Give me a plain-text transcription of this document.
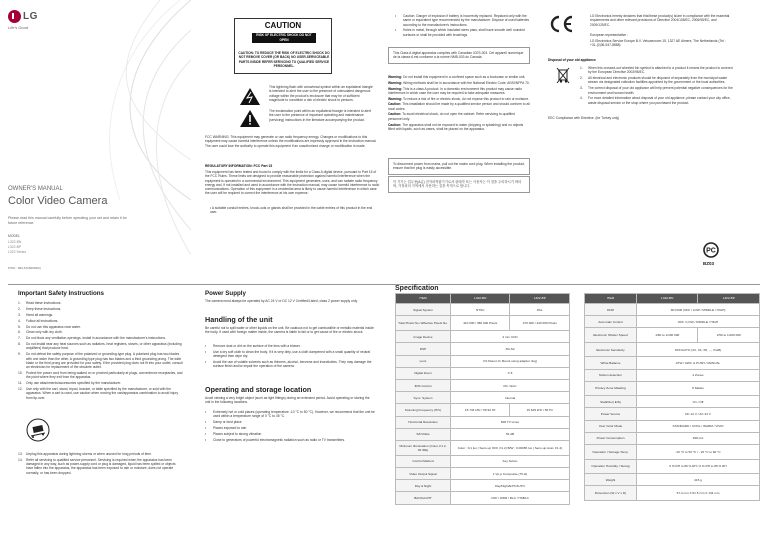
LG
Life's Good
OWNER'S MANUAL
Color Video Camera
Please read this manual carefully before operating your set and retain it for future reference.
MODEL
L322-BN
L322-BP
L322 Series
P/NO : MFL67260903(0)
CAUTION
RISK OF ELECTRIC SHOCK DO NOT OPEN
CAUTION: TO REDUCE THE RISK OF ELECTRIC SHOCK DO NOT REMOVE COVER (OR BACK) NO USER-SERVICEABLE PARTS INSIDE REFER SERVICING TO QUALIFIED SERVICE PERSONNEL.
This lightning flash with arrowhead symbol within an equilateral triangle is intended to alert the user to the presence of uninsulated dangerous voltage within the product's enclosure that may be of sufficient magnitude to constitute a risk of electric shock to persons.
The exclamation point within an equilateral triangle is intended to alert the user to the presence of important operating and maintenance (servicing) instructions in the literature accompanying the product.
FCC WARNING: This equipment may generate or use radio frequency energy. Changes or modifications to this equipment may cause harmful interference unless the modifications are expressly approved in the instruction manual. The user could lose the authority to operate this equipment if an unauthorized change or modification is made.
REGULATORY INFORMATION: FCC Part 15
This equipment has been tested and found to comply with the limits for a Class A digital device, pursuant to Part 15 of the FCC Rules. These limits are designed to provide reasonable protection against harmful interference when the equipment is operated in a commercial environment. This equipment generates, uses, and can radiate radio frequency energy and, if not installed and used in accordance with the instruction manual, may cause harmful interference to radio communications. Operation of this equipment in a residential area is likely to cause harmful interference in which case the user will be required to correct the interference at his own expense.
• A suitable conduit entries, knock-outs or glands shall be provided in the cable entries of this product in the end user.
•	Caution: Danger of explosion if battery is incorrectly replaced. Replaced only with the same or equivalent type recommended by the manufacturer. Dispose of used batteries according to the manufacturer's instructions.
•	Holes in metal, through which insulated wires pass, shall have smooth well rounded surfaces or shall be provided with brushings.
This Class A digital apparatus complies with Canadian ICES-003. Cet appareil numerique de la classe A est conforme a la norme NMB-003 du Canada.
Warning: Do not install this equipment in a confined space such as a bookcase or similar unit.
Warning: Wiring methods shall be in accordance with the National Electric Code, ANSI/NFPA 70.
Warning: This is a class A product. In a domestic environment this product may cause radio interference in which case the user may be required to take adequate measures.
Warning: To reduce a risk of fire or electric shock, do not expose this product to rain or moisture.
Caution: This installation should be made by a qualified service person and should conform to all local codes.
Caution: To avoid electrical shock, do not open the cabinet. Refer servicing to qualified personnel only.
Caution: The apparatus shall not be exposed to water (dripping or splashing) and no objects filled with liquids, such as vases, shall be placed on the apparatus.
To disconnect power from mains, pull out the mains cord plug. When installing the product, ensure that the plug is easily accessible.
이 기기는 업무용(A급) 전자파적합기기로서 판매자 또는 사용자는 이 점을 주의하시기 바라며, 가정외의 지역에서 사용하는 것을 목적으로 합니다.
LG Electronics hereby declares that this/these product(s) is/are in compliance with the essential requirements and other relevant provisions of Directive 2004/108/EC, 2006/95/EC, and 2009/125/EC.
European representative :
LG Electronics Service Europe B.V. Veluwezoom 15, 1327 AE Almere, The Netherlands (Tel : +31-(0)36-547-8888)
Disposal of your old appliance
1.	When this crossed-out wheeled bin symbol is attached to a product it means the product is covered by the European Directive 2002/96/EC.
2.	All electrical and electronic products should be disposed of separately from the municipal waste stream via designated collection facilities appointed by the government or the local authorities.
3.	The correct disposal of your old appliance will help prevent potential negative consequences for the environment and human health.
4.	For more detailed information about disposal of your old appliance, please contact your city office, waste disposal service or the shop where you purchased the product.
EEC Compliance with Directive. (for Turkey only)
PC
BZ03
Important Safety Instructions
1.	Read these instructions.
2.	Keep these instructions.
3.	Heed all warnings.
4.	Follow all instructions.
5.	Do not use this apparatus near water.
6.	Clean only with dry cloth.
7.	Do not block any ventilation openings. Install in accordance with the manufacturer's instructions.
8.	Do not install near any heat sources such as radiators, heat registers, stoves, or other apparatus (including amplifiers) that produce heat.
9.	Do not defeat the safety purpose of the polarized or grounding-type plug. A polarized plug has two blades with one wider than the other. A grounding type plug has two blades and a third grounding prong. The wide blade or the third prong are provided for your safety. If the provided plug does not fit into your outlet, consult an electrician for replacement of the obsolete outlet.
10. Protect the power cord from being walked on or pinched particularly at plugs, convenience receptacles, and the point where they exit from the apparatus.
11. Only use attachments/accessories specified by the manufacturer.
12. Use only with the cart, stand, tripod, bracket, or table specified by the manufacturer, or sold with the apparatus. When a cart is used, use caution when moving the cart/apparatus combination to avoid injury from tip-over.
13. Unplug this apparatus during lightning storms or when unused for long periods of time.
14. Refer all servicing to qualified service personnel. Servicing is required when the apparatus has been damaged in any way, such as power-supply cord or plug is damaged, liquid has been spilled or objects have fallen into the apparatus, the apparatus has been exposed to rain or moisture, does not operate normally, or has been dropped.
Power Supply
The camera must always be operated by AC 24 V or DC 12 V Certified/Listed, class 2 power supply only.
Handling of the unit
Be careful not to spill water or other liquids on the unit. Be cautious not to get combustible or metallic material inside the body. If used with foreign matter inside, the camera is liable to fail or to get cause of fire or electric shock.
•	Remove dust or dirt on the surface of the lens with a blower.
•	Use a dry soft cloth to clean the body. If it is very dirty, use a cloth dampened with a small quantity of neutral detergent then wipe dry.
•	Avoid the use of volatile solvents such as thinners, alcohol, benzene and insecticides. They may damage the surface finish and/or impair the operation of the camera.
Operating and storage location
Avoid viewing a very bright object (such as light fittings) during an extended period. Avoid operating or storing the unit in the following locations.
•	Extremely hot or cold places (operating temperature -10 °C to 50 °C). However, we recommend that the unit be used within a temperature range of 0 °C to 45 °C.
•	Damp or dust place
•	Places exposed to rain
•	Places subject to strong vibration
•	Close to generators of powerful electromagnetic radiation such as radio or TV transmitters.
Specification
ITEM	L322-BN	L322-BP
Signal System	NTSC	PAL
Total Pixels No./ Effective Pixels No.	410 000 / 380 000 Pixels	470 000 / 440 000 Pixels
Image Device	4 mm CCD	
DSP	XD-S2	
Lens	CS Mount (C Mount using adaptor ring)	
Digital Zoom	X 8	
IRIS Control	DC / ELC	
Sync. System	Internal	
Scanning Frequency (H/V)	15.734 kHz / 59.94 Hz	15.625 kHz / 50 Hz
Horizontal Resolution	600 TV Lines	
S/N Ratio	52 dB	
Minimum Illumination (Color, F1.2, 30 IRE)	Color : 0.1 lux ( Sens-up OFF, F1.2) B/W : 0.00065 lux ( Sens-up Auto, F1.2)	
Control Method	Key button	
Video Output Signal	1 Vp-p Composite (75 Ω)	
Day & Night	Day/Night/EXT/AUTO	
BACKLIGHT	OFF / WDR / BLC / HSBLC	
ITEM	L322-BN	L322-BP
DNR	3D DNR (OFF / LOW / MIDDLE / HIGH)	
Auto Gain Control	OFF / LOW / MIDDLE / HIGH	
Electronic Shutter Speed	1/60 to 1/100 000	1/50 to 1/100 000
Electronic Sensitivity	OFF/AUTO (X2, X4, X8, ..., X128)	
White Balance	ATW / AWC ➡ PUSH / MANUAL	
Motion detection	4 Zones	
Privacy Zone Masking	8 Masks	
Stabilizer( EIS)	On / Off	
Power Source	DC 12 V / AC 24 V	
User Color Mode	STANDARD / COOL / WARM / VIVID	
Power Consumption	298 mA	
Operation / Storage Temp.	-10 °C to 50 °C / - 20 °C to 60 °C	
Operation Humidity / Storag	0 % RH to 80 % RH / 0 % RH to 85 % RH	
Weight	415 g	
Dimension (W x V x D)	67.4 mm X 61.5 mm X 134 mm	
